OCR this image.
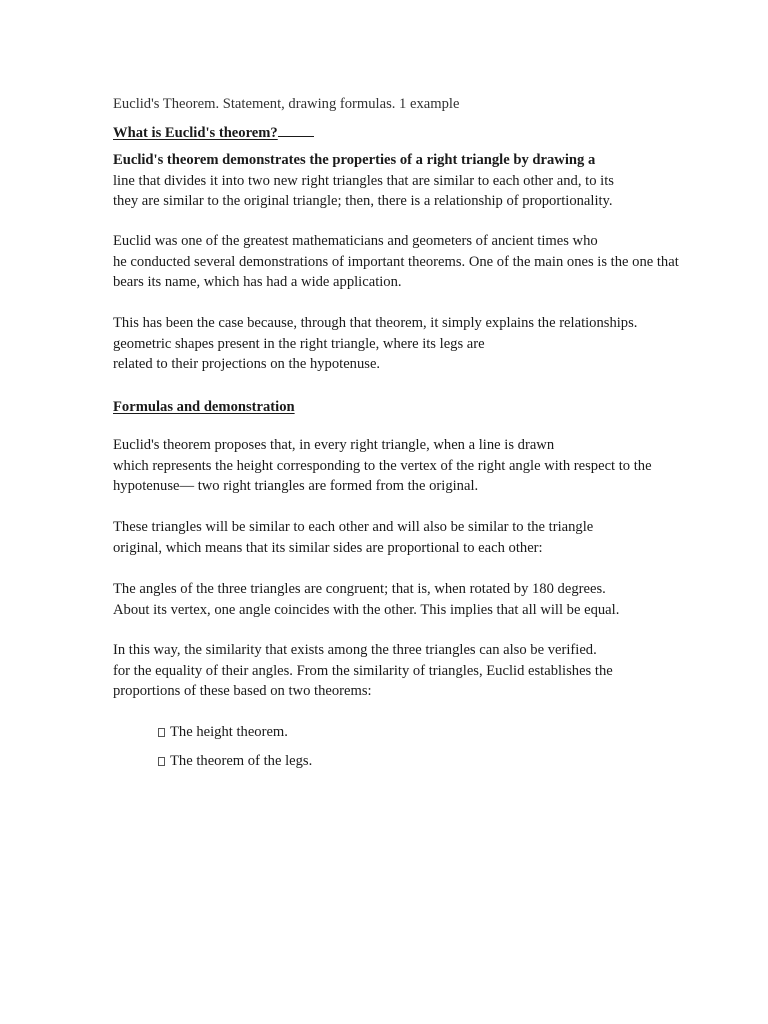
Euclid's Theorem. Statement, drawing formulas. 1 example
What is Euclid's theorem?
Euclid's theorem demonstrates the properties of a right triangle by drawing a
line that divides it into two new right triangles that are similar to each other and, to its
they are similar to the original triangle; then, there is a relationship of proportionality.
Euclid was one of the greatest mathematicians and geometers of ancient times who
he conducted several demonstrations of important theorems. One of the main ones is the one that
bears its name, which has had a wide application.
This has been the case because, through that theorem, it simply explains the relationships.
geometric shapes present in the right triangle, where its legs are
related to their projections on the hypotenuse.
Formulas and demonstration
Euclid's theorem proposes that, in every right triangle, when a line is drawn
which represents the height corresponding to the vertex of the right angle with respect to the
hypotenuse— two right triangles are formed from the original.
These triangles will be similar to each other and will also be similar to the triangle
original, which means that its similar sides are proportional to each other:
The angles of the three triangles are congruent; that is, when rotated by 180 degrees.
About its vertex, one angle coincides with the other. This implies that all will be equal.
In this way, the similarity that exists among the three triangles can also be verified.
for the equality of their angles. From the similarity of triangles, Euclid establishes the
proportions of these based on two theorems:
The height theorem.
The theorem of the legs.
